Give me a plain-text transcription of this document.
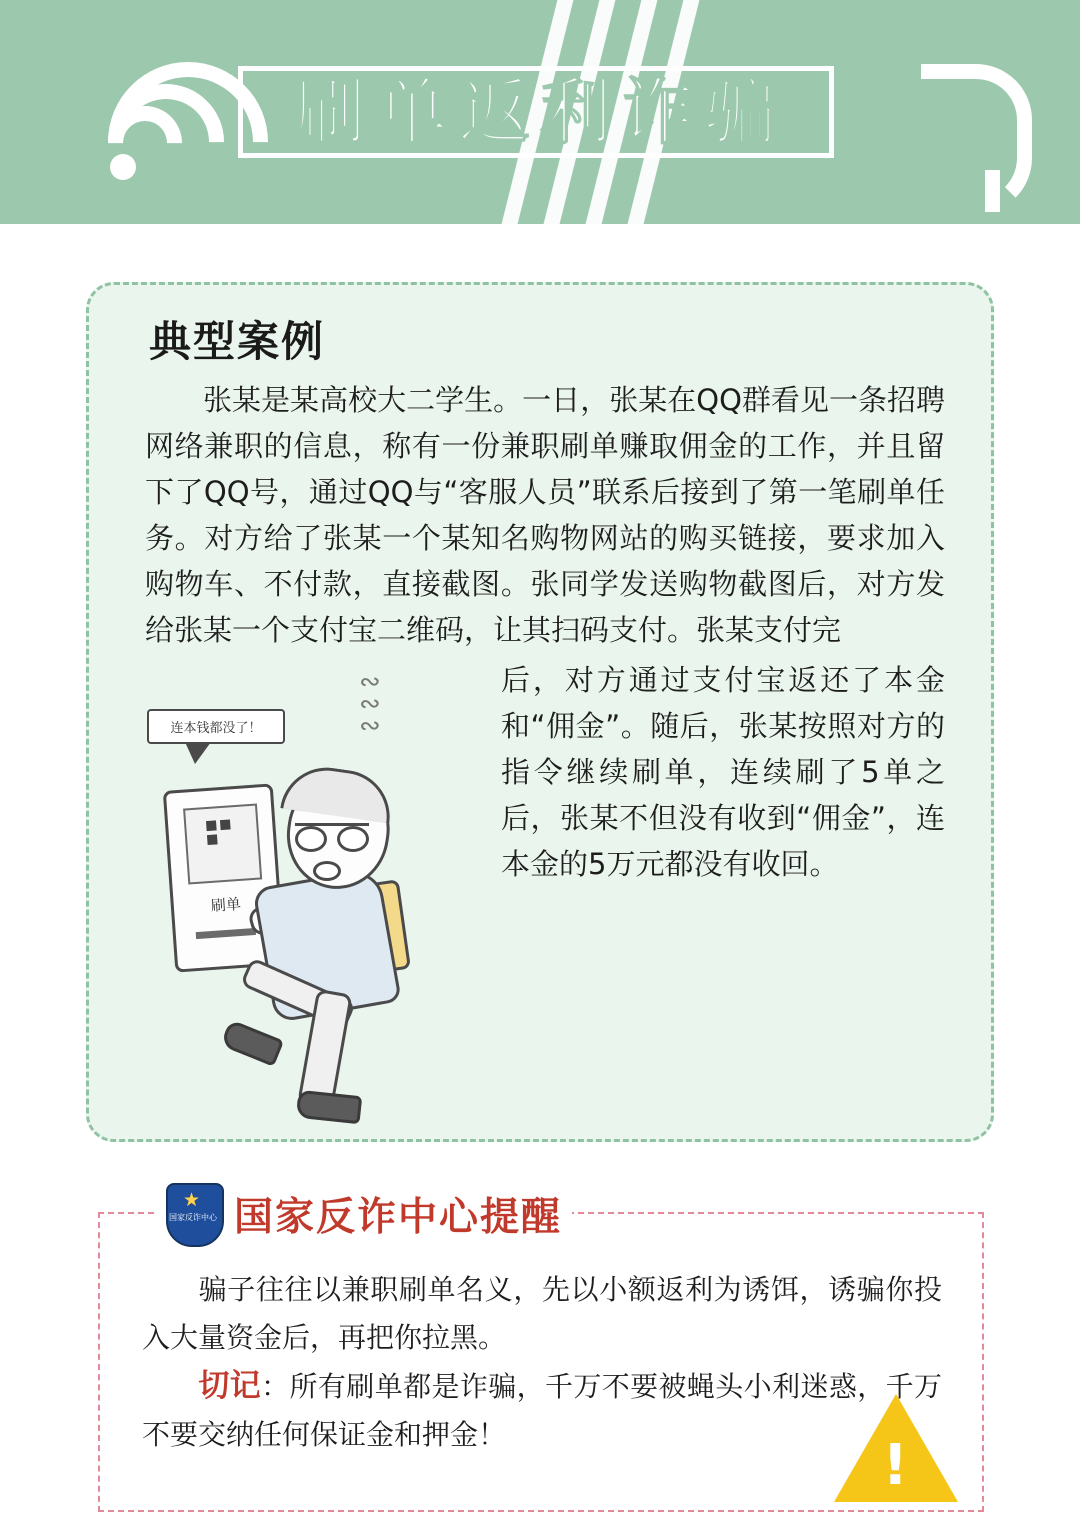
刷单返利诈骗
典型案例
张某是某高校大二学生。一日，张某在QQ群看见一条招聘网络兼职的信息，称有一份兼职刷单赚取佣金的工作，并且留下了QQ号，通过QQ与“客服人员”联系后接到了第一笔刷单任务。对方给了张某一个某知名购物网站的购买链接，要求加入购物车、不付款，直接截图。张同学发送购物截图后，对方发给张某一个支付宝二维码，让其扫码支付。张某支付完
连本钱都没了！
∾
∾
∾
刷单

后，对方通过支付宝返还了本金和“佣金”。随后，张某按照对方的指令继续刷单，连续刷了5单之后，张某不但没有收到“佣金”，连本金的5万元都没有收回。

★
国家反诈中心 国家反诈中心提醒

骗子往往以兼职刷单名义，先以小额返利为诱饵，诱骗你投入大量资金后，再把你拉黑。

切记：所有刷单都是诈骗，千万不要被蝇头小利迷惑，千万不要交纳任何保证金和押金！	!
